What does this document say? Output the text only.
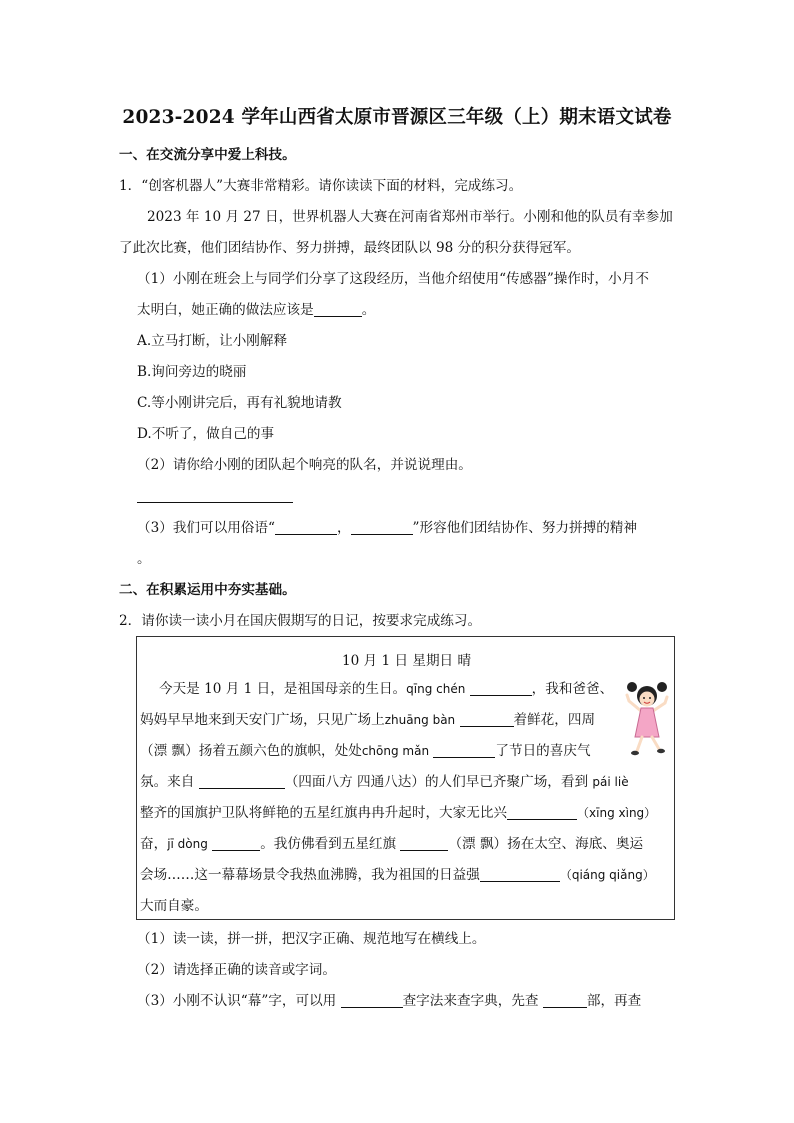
2023-2024 学年山西省太原市晋源区三年级（上）期末语文试卷
一、在交流分享中爱上科技。
1．“创客机器人”大赛非常精彩。请你读读下面的材料，完成练习。
2023 年 10 月 27 日，世界机器人大赛在河南省郑州市举行。小刚和他的队员有幸参加
了此次比赛，他们团结协作、努力拼搏，最终团队以 98 分的积分获得冠军。
（1）小刚在班会上与同学们分享了这段经历，当他介绍使用“传感器”操作时，小月不
太明白，她正确的做法应该是	。
A.立马打断，让小刚解释
B.询问旁边的晓丽
C.等小刚讲完后，再有礼貌地请教
D.不听了，做自己的事
（2）请你给小刚的团队起个响亮的队名，并说说理由。
（3）我们可以用俗语“	，	”形容他们团结协作、努力拼搏的精神
。
二、在积累运用中夯实基础。
2．请你读一读小月在国庆假期写的日记，按要求完成练习。
10 月 1 日 星期日 晴
今天是 10 月 1 日，是祖国母亲的生日。qīng chén	，我和爸爸、
妈妈早早地来到天安门广场，只见广场上zhuāng bàn	着鲜花，四周
（漂 飘）扬着五颜六色的旗帜，处处chōng mǎn	了节日的喜庆气
氛。来自	（四面八方 四通八达）的人们早已齐聚广场，看到 pái liè
整齐的国旗护卫队将鲜艳的五星红旗冉冉升起时，大家无比兴	（xīng xìng）
奋，jī dòng	。我仿佛看到五星红旗	（漂 飘）扬在太空、海底、奥运
会场……这一幕幕场景令我热血沸腾，我为祖国的日益强	（qiáng qiǎng）
大而自豪。
（1）读一读，拼一拼，把汉字正确、规范地写在横线上。
（2）请选择正确的读音或字词。
（3）小刚不认识“幕”字，可以用	查字法来查字典，先查	部，再查
